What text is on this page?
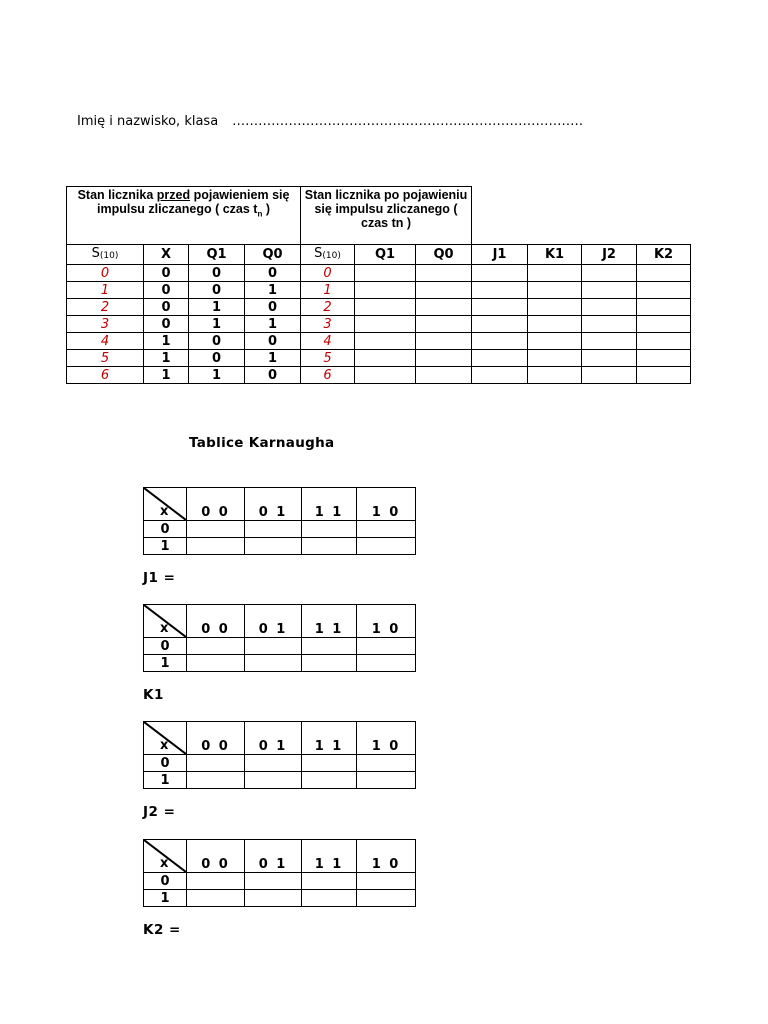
Imię i nazwisko, klasa ………………………………………………………………………
Stan licznika przed pojawieniem się impulsu zliczanego ( czas $t_n$ )				Stan licznika po pojawieniu się impulsu zliczanego ( czas tn )						
$S_{(10)}$	X	Q1	Q0	$S_{(10)}$	Q1	Q0	J1	K1	J2	K2
0	0	0	0	0						
1	0	0	1	1						
2	0	1	0	2						
3	0	1	1	3						
4	1	0	0	4						
5	1	0	1	5						
6	1	1	0	6						
Tablice Karnaugha
x	0 0	0 1	1 1	1 0
0				
1				
J1 =
x	0 0	0 1	1 1	1 0
0				
1				
K1
x	0 0	0 1	1 1	1 0
0				
1				
J2 =
x	0 0	0 1	1 1	1 0
0				
1				
K2 =
